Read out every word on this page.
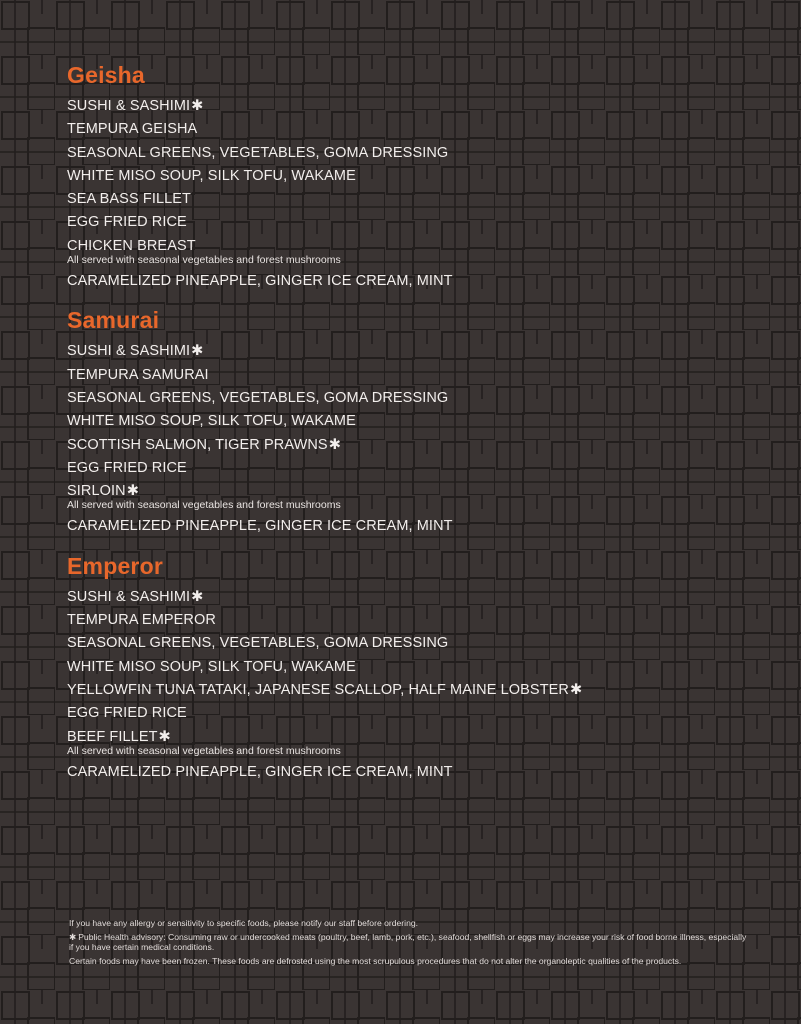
Geisha
SUSHI & SASHIMI✱
TEMPURA GEISHA
SEASONAL GREENS, VEGETABLES, GOMA DRESSING
WHITE MISO SOUP, SILK TOFU, WAKAME
SEA BASS FILLET
EGG FRIED RICE
CHICKEN BREAST
All served with seasonal vegetables and forest mushrooms
CARAMELIZED PINEAPPLE, GINGER ICE CREAM, MINT
Samurai
SUSHI & SASHIMI✱
TEMPURA SAMURAI
SEASONAL GREENS, VEGETABLES, GOMA DRESSING
WHITE MISO SOUP, SILK TOFU, WAKAME
SCOTTISH SALMON, TIGER PRAWNS✱
EGG FRIED RICE
SIRLOIN✱
All served with seasonal vegetables and forest mushrooms
CARAMELIZED PINEAPPLE, GINGER ICE CREAM, MINT
Emperor
SUSHI & SASHIMI✱
TEMPURA EMPEROR
SEASONAL GREENS, VEGETABLES, GOMA DRESSING
WHITE MISO SOUP, SILK TOFU, WAKAME
YELLOWFIN TUNA TATAKI, JAPANESE SCALLOP, HALF MAINE LOBSTER✱
EGG FRIED RICE
BEEF FILLET✱
All served with seasonal vegetables and forest mushrooms
CARAMELIZED PINEAPPLE, GINGER ICE CREAM, MINT

If you have any allergy or sensitivity to specific foods, please notify our staff before ordering.

✱ Public Health advisory: Consuming raw or undercooked meats (poultry, beef, lamb, pork, etc.), seafood, shellfish or eggs may increase your risk of food borne illness, especially if you have certain medical conditions.

Certain foods may have been frozen. These foods are defrosted using the most scrupulous procedures that do not alter the organoleptic qualities of the products.
